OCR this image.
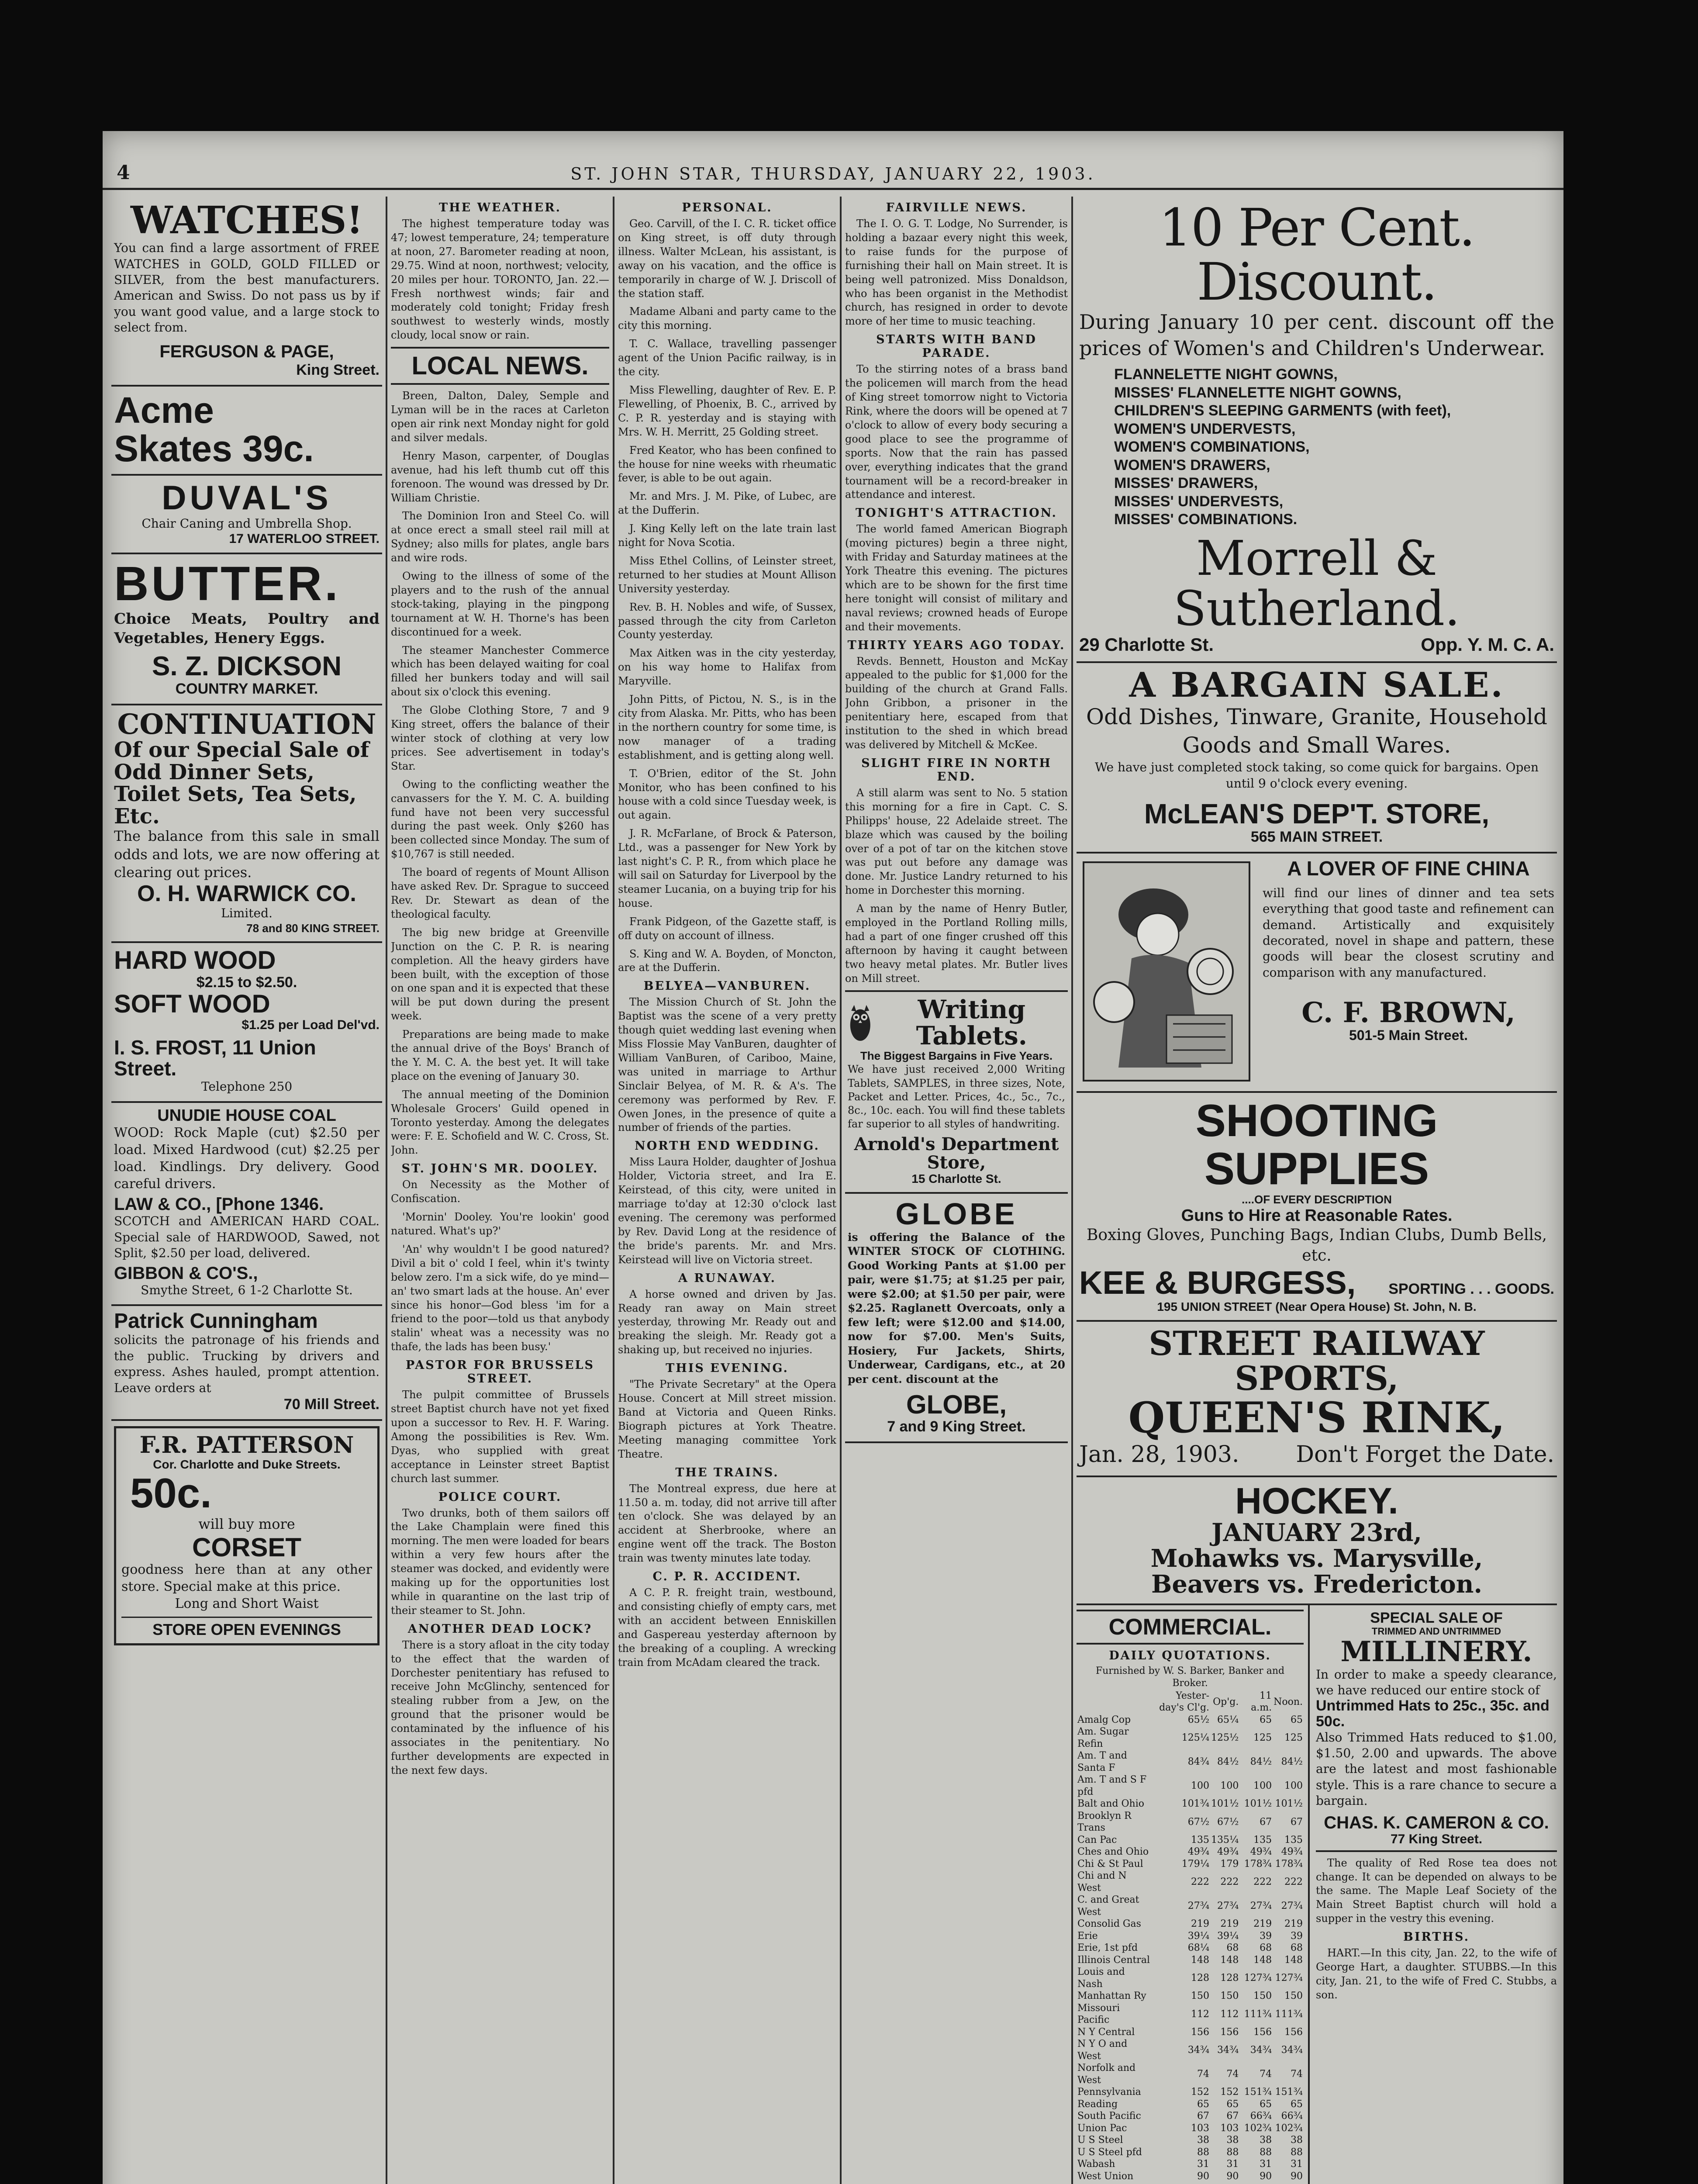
4	ST. JOHN STAR, THURSDAY, JANUARY 22, 1903.
WATCHES!
You can find a large assortment of FREE WATCHES in GOLD, GOLD FILLED or SILVER, from the best manufacturers. American and Swiss. Do not pass us by if you want good value, and a large stock to select from.
FERGUSON & PAGE,
King Street.
Acme
Skates 39c.
DUVAL'S
Chair Caning and Umbrella Shop.
17 WATERLOO STREET.
BUTTER.
Choice Meats, Poultry and Vegetables, Henery Eggs.
S. Z. DICKSON
COUNTRY MARKET.
CONTINUATION
Of our Special Sale of Odd Dinner Sets, Toilet Sets, Tea Sets, Etc.
The balance from this sale in small odds and lots, we are now offering at clearing out prices.
O. H. WARWICK CO.
Limited.
78 and 80 KING STREET.
HARD WOOD
$2.15 to $2.50.
SOFT WOOD
$1.25 per Load Del'vd.
I. S. FROST, 11 Union Street.
Telephone 250
UNUDIE HOUSE COAL
WOOD: Rock Maple (cut) $2.50 per load. Mixed Hardwood (cut) $2.25 per load. Kindlings. Dry delivery. Good careful drivers.
LAW & CO., [Phone 1346.
SCOTCH and AMERICAN HARD COAL. Special sale of HARDWOOD, Sawed, not Split, $2.50 per load, delivered.
GIBBON & CO'S.,
Smythe Street, 6 1-2 Charlotte St.
Patrick Cunningham
solicits the patronage of his friends and the public. Trucking by drivers and express. Ashes hauled, prompt attention. Leave orders at
70 Mill Street.
F.R. PATTERSON
Cor. Charlotte and Duke Streets.
50c.
will buy more
CORSET
goodness here than at any other store. Special make at this price.
Long and Short Waist
STORE OPEN EVENINGS
THE WEATHER.

The highest temperature today was 47; lowest temperature, 24; temperature at noon, 27. Barometer reading at noon, 29.75. Wind at noon, northwest; velocity, 20 miles per hour. TORONTO, Jan. 22.—Fresh northwest winds; fair and moderately cold tonight; Friday fresh southwest to westerly winds, mostly cloudy, local snow or rain.

LOCAL NEWS.

Breen, Dalton, Daley, Semple and Lyman will be in the races at Carleton open air rink next Monday night for gold and silver medals.

Henry Mason, carpenter, of Douglas avenue, had his left thumb cut off this forenoon. The wound was dressed by Dr. William Christie.

The Dominion Iron and Steel Co. will at once erect a small steel rail mill at Sydney; also mills for plates, angle bars and wire rods.

Owing to the illness of some of the players and to the rush of the annual stock-taking, playing in the pingpong tournament at W. H. Thorne's has been discontinued for a week.

The steamer Manchester Commerce which has been delayed waiting for coal filled her bunkers today and will sail about six o'clock this evening.

The Globe Clothing Store, 7 and 9 King street, offers the balance of their winter stock of clothing at very low prices. See advertisement in today's Star.

Owing to the conflicting weather the canvassers for the Y. M. C. A. building fund have not been very successful during the past week. Only $260 has been collected since Monday. The sum of $10,767 is still needed.

The board of regents of Mount Allison have asked Rev. Dr. Sprague to succeed Rev. Dr. Stewart as dean of the theological faculty.

The big new bridge at Greenville Junction on the C. P. R. is nearing completion. All the heavy girders have been built, with the exception of those on one span and it is expected that these will be put down during the present week.

Preparations are being made to make the annual drive of the Boys' Branch of the Y. M. C. A. the best yet. It will take place on the evening of January 30.

The annual meeting of the Dominion Wholesale Grocers' Guild opened in Toronto yesterday. Among the delegates were: F. E. Schofield and W. C. Cross, St. John.

ST. JOHN'S MR. DOOLEY.

On Necessity as the Mother of Confiscation.

'Mornin' Dooley. You're lookin' good natured. What's up?'

'An' why wouldn't I be good natured? Divil a bit o' cold I feel, whin it's twinty below zero. I'm a sick wife, do ye mind—an' two smart lads at the house. An' ever since his honor—God bless 'im for a friend to the poor—told us that anybody stalin' wheat was a necessity was no thafe, the lads has been busy.'

PASTOR FOR BRUSSELS STREET.

The pulpit committee of Brussels street Baptist church have not yet fixed upon a successor to Rev. H. F. Waring. Among the possibilities is Rev. Wm. Dyas, who supplied with great acceptance in Leinster street Baptist church last summer.

POLICE COURT.

Two drunks, both of them sailors off the Lake Champlain were fined this morning. The men were loaded for bears within a very few hours after the steamer was docked, and evidently were making up for the opportunities lost while in quarantine on the last trip of their steamer to St. John.

ANOTHER DEAD LOCK?

There is a story afloat in the city today to the effect that the warden of Dorchester penitentiary has refused to receive John McGlinchy, sentenced for stealing rubber from a Jew, on the ground that the prisoner would be contaminated by the influence of his associates in the penitentiary. No further developments are expected in the next few days.

PERSONAL.

Geo. Carvill, of the I. C. R. ticket office on King street, is off duty through illness. Walter McLean, his assistant, is away on his vacation, and the office is temporarily in charge of W. J. Driscoll of the station staff.

Madame Albani and party came to the city this morning.

T. C. Wallace, travelling passenger agent of the Union Pacific railway, is in the city.

Miss Flewelling, daughter of Rev. E. P. Flewelling, of Phoenix, B. C., arrived by C. P. R. yesterday and is staying with Mrs. W. H. Merritt, 25 Golding street.

Fred Keator, who has been confined to the house for nine weeks with rheumatic fever, is able to be out again.

Mr. and Mrs. J. M. Pike, of Lubec, are at the Dufferin.

J. King Kelly left on the late train last night for Nova Scotia.

Miss Ethel Collins, of Leinster street, returned to her studies at Mount Allison University yesterday.

Rev. B. H. Nobles and wife, of Sussex, passed through the city from Carleton County yesterday.

Max Aitken was in the city yesterday, on his way home to Halifax from Maryville.

John Pitts, of Pictou, N. S., is in the city from Alaska. Mr. Pitts, who has been in the northern country for some time, is now manager of a trading establishment, and is getting along well.

T. O'Brien, editor of the St. John Monitor, who has been confined to his house with a cold since Tuesday week, is out again.

J. R. McFarlane, of Brock & Paterson, Ltd., was a passenger for New York by last night's C. P. R., from which place he will sail on Saturday for Liverpool by the steamer Lucania, on a buying trip for his house.

Frank Pidgeon, of the Gazette staff, is off duty on account of illness.

S. King and W. A. Boyden, of Moncton, are at the Dufferin.

BELYEA—VANBUREN.

The Mission Church of St. John the Baptist was the scene of a very pretty though quiet wedding last evening when Miss Flossie May VanBuren, daughter of William VanBuren, of Cariboo, Maine, was united in marriage to Arthur Sinclair Belyea, of M. R. & A's. The ceremony was performed by Rev. F. Owen Jones, in the presence of quite a number of friends of the parties.

NORTH END WEDDING.

Miss Laura Holder, daughter of Joshua Holder, Victoria street, and Ira E. Keirstead, of this city, were united in marriage to'day at 12:30 o'clock last evening. The ceremony was performed by Rev. David Long at the residence of the bride's parents. Mr. and Mrs. Keirstead will live on Victoria street.

A RUNAWAY.

A horse owned and driven by Jas. Ready ran away on Main street yesterday, throwing Mr. Ready out and breaking the sleigh. Mr. Ready got a shaking up, but received no injuries.

THIS EVENING.

"The Private Secretary" at the Opera House. Concert at Mill street mission. Band at Victoria and Queen Rinks. Biograph pictures at York Theatre. Meeting managing committee York Theatre.

THE TRAINS.

The Montreal express, due here at 11.50 a. m. today, did not arrive till after ten o'clock. She was delayed by an accident at Sherbrooke, where an engine went off the track. The Boston train was twenty minutes late today.

C. P. R. ACCIDENT.

A C. P. R. freight train, westbound, and consisting chiefly of empty cars, met with an accident between Enniskillen and Gaspereau yesterday afternoon by the breaking of a coupling. A wrecking train from McAdam cleared the track.

FAIRVILLE NEWS.

The I. O. G. T. Lodge, No Surrender, is holding a bazaar every night this week, to raise funds for the purpose of furnishing their hall on Main street. It is being well patronized. Miss Donaldson, who has been organist in the Methodist church, has resigned in order to devote more of her time to music teaching.

STARTS WITH BAND PARADE.

To the stirring notes of a brass band the policemen will march from the head of King street tomorrow night to Victoria Rink, where the doors will be opened at 7 o'clock to allow of every body securing a good place to see the programme of sports. Now that the rain has passed over, everything indicates that the grand tournament will be a record-breaker in attendance and interest.

TONIGHT'S ATTRACTION.

The world famed American Biograph (moving pictures) begin a three night, with Friday and Saturday matinees at the York Theatre this evening. The pictures which are to be shown for the first time here tonight will consist of military and naval reviews; crowned heads of Europe and their movements.

THIRTY YEARS AGO TODAY.

Revds. Bennett, Houston and McKay appealed to the public for $1,000 for the building of the church at Grand Falls. John Gribbon, a prisoner in the penitentiary here, escaped from that institution to the shed in which bread was delivered by Mitchell & McKee.

SLIGHT FIRE IN NORTH END.

A still alarm was sent to No. 5 station this morning for a fire in Capt. C. S. Philipps' house, 22 Adelaide street. The blaze which was caused by the boiling over of a pot of tar on the kitchen stove was put out before any damage was done. Mr. Justice Landry returned to his home in Dorchester this morning.

A man by the name of Henry Butler, employed in the Portland Rolling mills, had a part of one finger crushed off this afternoon by having it caught between two heavy metal plates. Mr. Butler lives on Mill street.

Writing Tablets.
The Biggest Bargains in Five Years.
We have just received 2,000 Writing Tablets, SAMPLES, in three sizes, Note, Packet and Letter. Prices, 4c., 5c., 7c., 8c., 10c. each. You will find these tablets far superior to all styles of handwriting.
Arnold's Department Store,
15 Charlotte St.
GLOBE
is offering the Balance of the WINTER STOCK OF CLOTHING. Good Working Pants at $1.00 per pair, were $1.75; at $1.25 per pair, were $2.00; at $1.50 per pair, were $2.25. Raglanett Overcoats, only a few left; were $12.00 and $14.00, now for $7.00. Men's Suits, Hosiery, Fur Jackets, Shirts, Underwear, Cardigans, etc., at 20 per cent. discount at the
GLOBE,
7 and 9 King Street.
10 Per Cent. Discount.
During January 10 per cent. discount off the prices of Women's and Children's Underwear.
FLANNELETTE NIGHT GOWNS,
MISSES' FLANNELETTE NIGHT GOWNS,
CHILDREN'S SLEEPING GARMENTS (with feet),
WOMEN'S UNDERVESTS,
WOMEN'S COMBINATIONS,
WOMEN'S DRAWERS,
MISSES' DRAWERS,
MISSES' UNDERVESTS,
MISSES' COMBINATIONS.
Morrell & Sutherland.
29 Charlotte St.	Opp. Y. M. C. A.
A BARGAIN SALE.
Odd Dishes, Tinware, Granite, Household Goods and Small Wares.
We have just completed stock taking, so come quick for bargains. Open until 9 o'clock every evening.
McLEAN'S DEP'T. STORE,
565 MAIN STREET.
A LOVER OF FINE CHINA
will find our lines of dinner and tea sets everything that good taste and refinement can demand. Artistically and exquisitely decorated, novel in shape and pattern, these goods will bear the closest scrutiny and comparison with any manufactured.
C. F. BROWN,
501-5 Main Street.
SHOOTING SUPPLIES
....OF EVERY DESCRIPTION
Guns to Hire at Reasonable Rates.
Boxing Gloves, Punching Bags, Indian Clubs, Dumb Bells, etc.
KEE & BURGESS, SPORTING . . . GOODS.
195 UNION STREET (Near Opera House) St. John, N. B.
STREET RAILWAY SPORTS,
QUEEN'S RINK,
Jan. 28, 1903. Don't Forget the Date.
HOCKEY.
JANUARY 23rd,
Mohawks vs. Marysville,
Beavers vs. Fredericton.
COMMERCIAL.
DAILY QUOTATIONS.
Furnished by W. S. Barker, Banker and Broker.
	Yester-day's Cl'g.	Op'g.	11 a.m.	Noon.
Amalg Cop	65½	65¼	65	65
Am. Sugar Refin	125¼	125½	125	125
Am. T and Santa F	84¾	84½	84½	84½
Am. T and S F pfd	100	100	100	100
Balt and Ohio	101¾	101½	101½	101½
Brooklyn R Trans	67½	67½	67	67
Can Pac	135	135¼	135	135
Ches and Ohio	49¾	49¾	49¾	49¾
Chi & St Paul	179¼	179	178¾	178¾
Chi and N West	222	222	222	222
C. and Great West	27¾	27¾	27¾	27¾
Consolid Gas	219	219	219	219
Erie	39¼	39¼	39	39
Erie, 1st pfd	68¼	68	68	68
Illinois Central	148	148	148	148
Louis and Nash	128	128	127¾	127¾
Manhattan Ry	150	150	150	150
Missouri Pacific	112	112	111¾	111¾
N Y Central	156	156	156	156
N Y O and West	34¾	34¾	34¾	34¾
Norfolk and West	74	74	74	74
Pennsylvania	152	152	151¾	151¾
Reading	65	65	65	65
South Pacific	67	67	66¾	66¾
Union Pac	103	103	102¾	102¾
U S Steel	38	38	38	38
U S Steel pfd	88	88	88	88
Wabash	31	31	31	31
West Union	90	90	90	90

SPECIAL SALE OF
TRIMMED AND UNTRIMMED
MILLINERY.
In order to make a speedy clearance, we have reduced our entire stock of
Untrimmed Hats to 25c., 35c. and 50c.
Also Trimmed Hats reduced to $1.00, $1.50, 2.00 and upwards. The above are the latest and most fashionable style. This is a rare chance to secure a bargain.
CHAS. K. CAMERON & CO.
77 King Street.

The quality of Red Rose tea does not change. It can be depended on always to be the same. The Maple Leaf Society of the Main Street Baptist church will hold a supper in the vestry this evening.

BIRTHS.

HART.—In this city, Jan. 22, to the wife of George Hart, a daughter. STUBBS.—In this city, Jan. 21, to the wife of Fred C. Stubbs, a son.
